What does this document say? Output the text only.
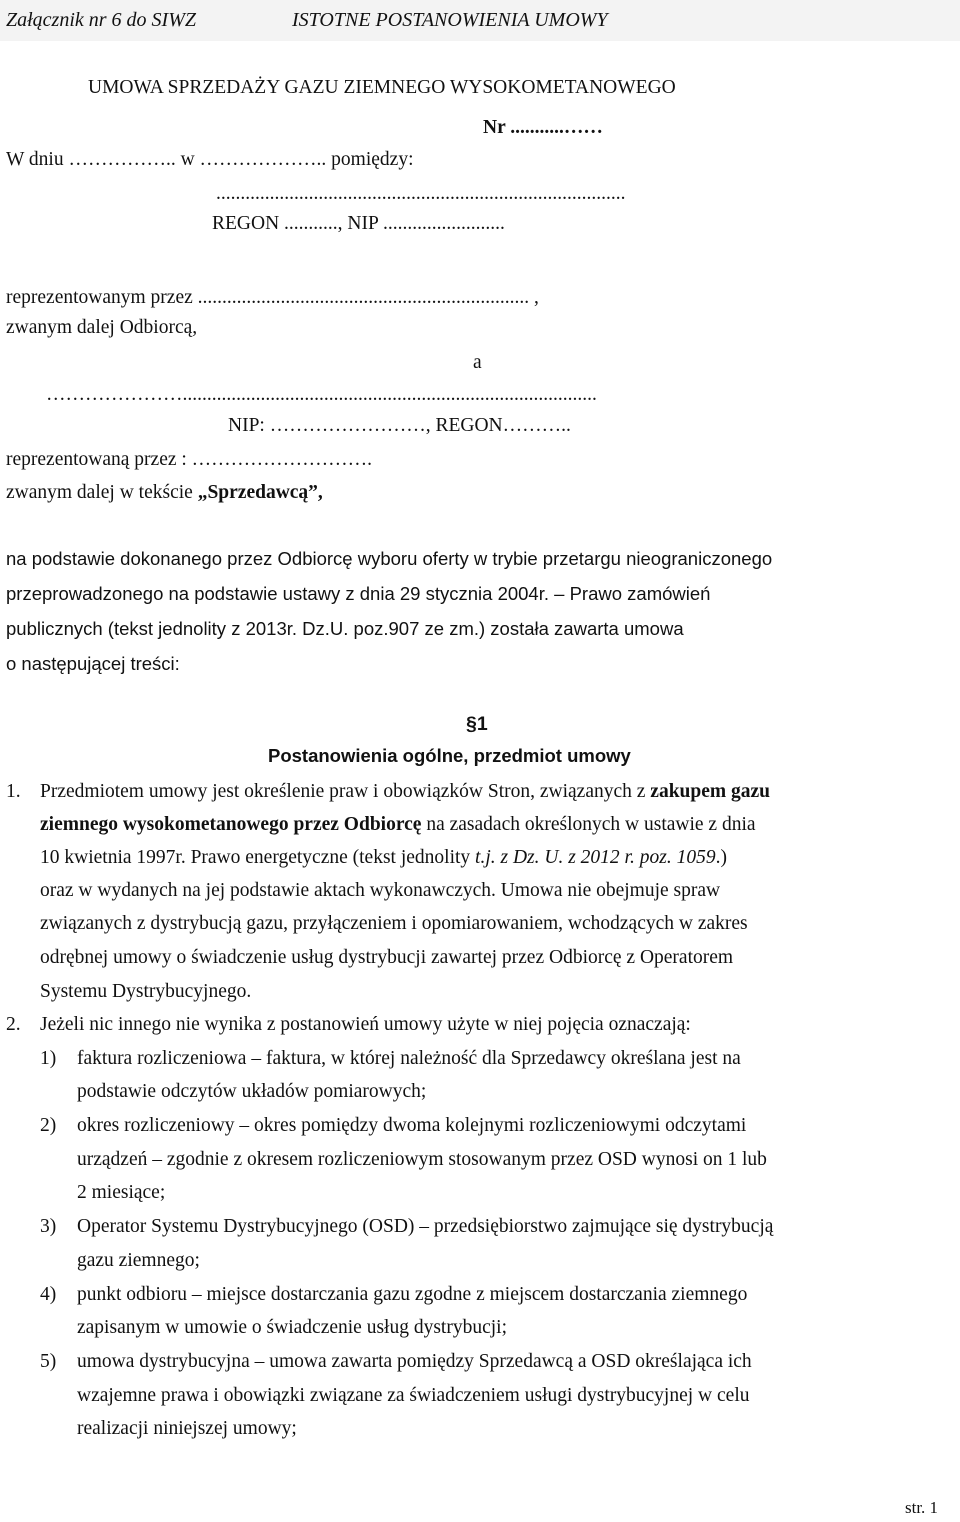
Załącznik nr 6 do SIWZ	ISTOTNE POSTANOWIENIA UMOWY
UMOWA SPRZEDAŻY GAZU ZIEMNEGO WYSOKOMETANOWEGO
Nr ...........……
W dniu …………….. w ……………….. pomiędzy:
....................................................................................
REGON ..........., NIP .........................
reprezentowanym przez .................................................................... ,
zwanym dalej Odbiorcą,
a
………………….....................................................................................
NIP: ……………………, REGON………..
reprezentowaną przez : ……………………….
zwanym dalej w tekście „Sprzedawcą”,
na podstawie dokonanego przez Odbiorcę wyboru oferty w trybie przetargu nieograniczonego
przeprowadzonego na podstawie ustawy z dnia 29 stycznia 2004r. – Prawo zamówień
publicznych (tekst jednolity z 2013r. Dz.U. poz.907 ze zm.) została zawarta umowa
o następującej treści:
§1
Postanowienia ogólne, przedmiot umowy
1. Przedmiotem umowy jest określenie praw i obowiązków Stron, związanych z zakupem gazu
ziemnego wysokometanowego przez Odbiorcę na zasadach określonych w ustawie z dnia
10 kwietnia 1997r. Prawo energetyczne (tekst jednolity t.j. z Dz. U. z 2012 r. poz. 1059.)
oraz w wydanych na jej podstawie aktach wykonawczych. Umowa nie obejmuje spraw
związanych z dystrybucją gazu, przyłączeniem i opomiarowaniem, wchodzących w zakres
odrębnej umowy o świadczenie usług dystrybucji zawartej przez Odbiorcę z Operatorem
Systemu Dystrybucyjnego.
2. Jeżeli nic innego nie wynika z postanowień umowy użyte w niej pojęcia oznaczają:
1) faktura rozliczeniowa – faktura, w której należność dla Sprzedawcy określana jest na
podstawie odczytów układów pomiarowych;
2) okres rozliczeniowy – okres pomiędzy dwoma kolejnymi rozliczeniowymi odczytami
urządzeń – zgodnie z okresem rozliczeniowym stosowanym przez OSD wynosi on 1 lub
2 miesiące;
3) Operator Systemu Dystrybucyjnego (OSD) – przedsiębiorstwo zajmujące się dystrybucją
gazu ziemnego;
4) punkt odbioru – miejsce dostarczania gazu zgodne z miejscem dostarczania ziemnego
zapisanym w umowie o świadczenie usług dystrybucji;
5) umowa dystrybucyjna – umowa zawarta pomiędzy Sprzedawcą a OSD określająca ich
wzajemne prawa i obowiązki związane za świadczeniem usługi dystrybucyjnej w celu
realizacji niniejszej umowy;
str. 1
